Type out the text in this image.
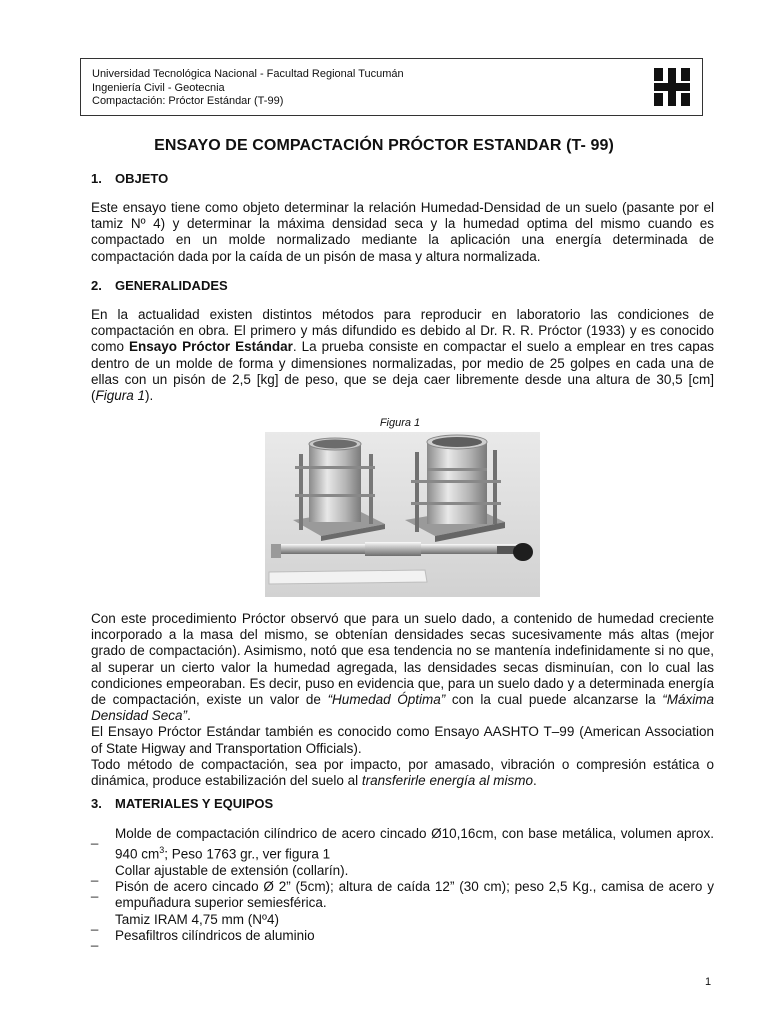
Universidad Tecnológica Nacional - Facultad Regional Tucumán
Ingeniería Civil - Geotecnia
Compactación: Próctor Estándar (T-99)
ENSAYO DE COMPACTACIÓN PRÓCTOR ESTANDAR (T- 99)
1. OBJETO

Este ensayo tiene como objeto determinar la relación Humedad-Densidad de un suelo (pasante por el tamiz Nº 4) y determinar la máxima densidad seca y la humedad optima del mismo cuando es compactado en un molde normalizado mediante la aplicación una energía determinada de compactación dada por la caída de un pisón de masa y altura normalizada.

2. GENERALIDADES

En la actualidad existen distintos métodos para reproducir en laboratorio las condiciones de compactación en obra. El primero y más difundido es debido al Dr. R. R. Próctor (1933) y es conocido como Ensayo Próctor Estándar. La prueba consiste en compactar el suelo a emplear en tres capas dentro de un molde de forma y dimensiones normalizadas, por medio de 25 golpes en cada una de ellas con un pisón de 2,5 [kg] de peso, que se deja caer libremente desde una altura de 30,5 [cm] (Figura 1).

Figura 1

Con este procedimiento Próctor observó que para un suelo dado, a contenido de humedad creciente incorporado a la masa del mismo, se obtenían densidades secas sucesivamente más altas (mejor grado de compactación). Asimismo, notó que esa tendencia no se mantenía indefinidamente si no que, al superar un cierto valor la humedad agregada, las densidades secas disminuían, con lo cual las condiciones empeoraban. Es decir, puso en evidencia que, para un suelo dado y a determinada energía de compactación, existe un valor de “Humedad Óptima” con la cual puede alcanzarse la “Máxima Densidad Seca”.
El Ensayo Próctor Estándar también es conocido como Ensayo AASHTO T–99 (American Association of State Higway and Transportation Officials).
Todo método de compactación, sea por impacto, por amasado, vibración o compresión estática o dinámica, produce estabilización del suelo al transferirle energía al mismo.

3. MATERIALES Y EQUIPOS
_ Molde de compactación cilíndrico de acero cincado Ø10,16cm, con base metálica, volumen aprox. 940 $cm^3$; Peso 1763 gr., ver figura 1
_ Collar ajustable de extensión (collarín).
_ Pisón de acero cincado Ø 2” (5cm); altura de caída 12” (30 cm); peso 2,5 Kg., camisa de acero y empuñadura superior semiesférica.
_ Tamiz IRAM 4,75 mm (Nº4)
_ Pesafiltros cilíndricos de aluminio
1
